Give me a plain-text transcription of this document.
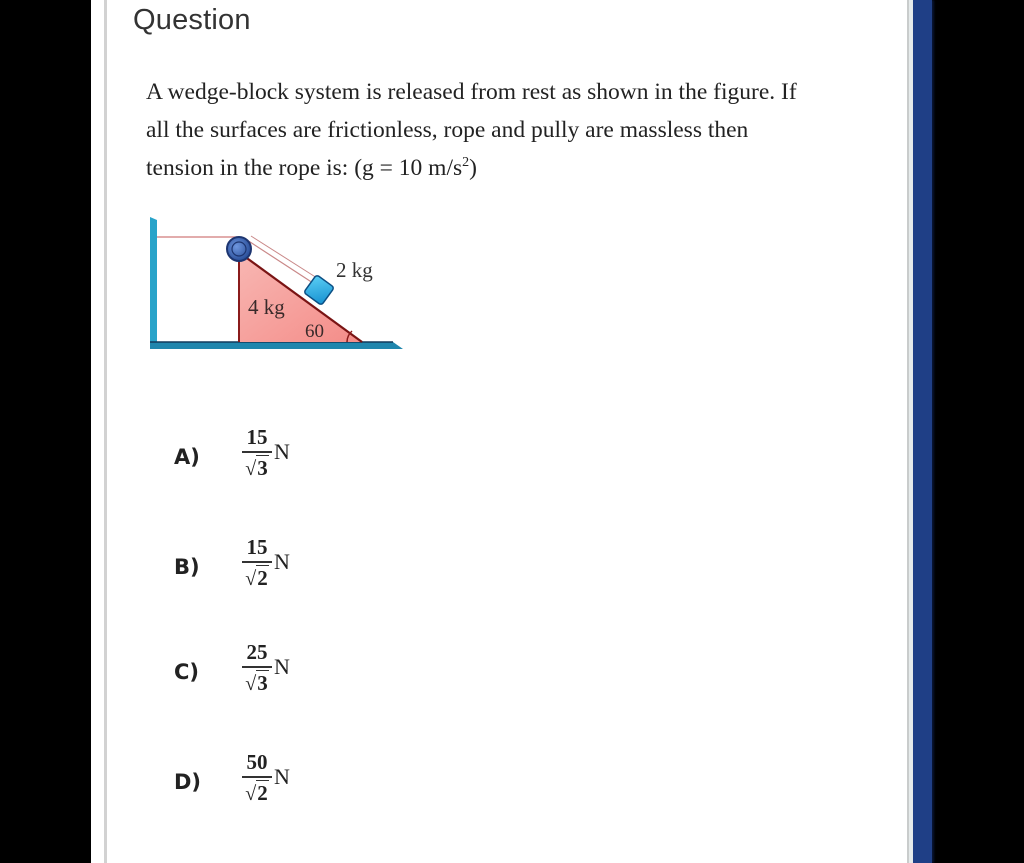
Question
A wedge-block system is released from rest as shown in the figure. If all the surfaces are frictionless, rope and pully are massless then tension in the rope is: (g = 10 $m/s^2$)
4 kg
2 kg
60
A)
15
√3
N
B)
15
√2
N
C)
25
√3
N
D)
50
√2
N
